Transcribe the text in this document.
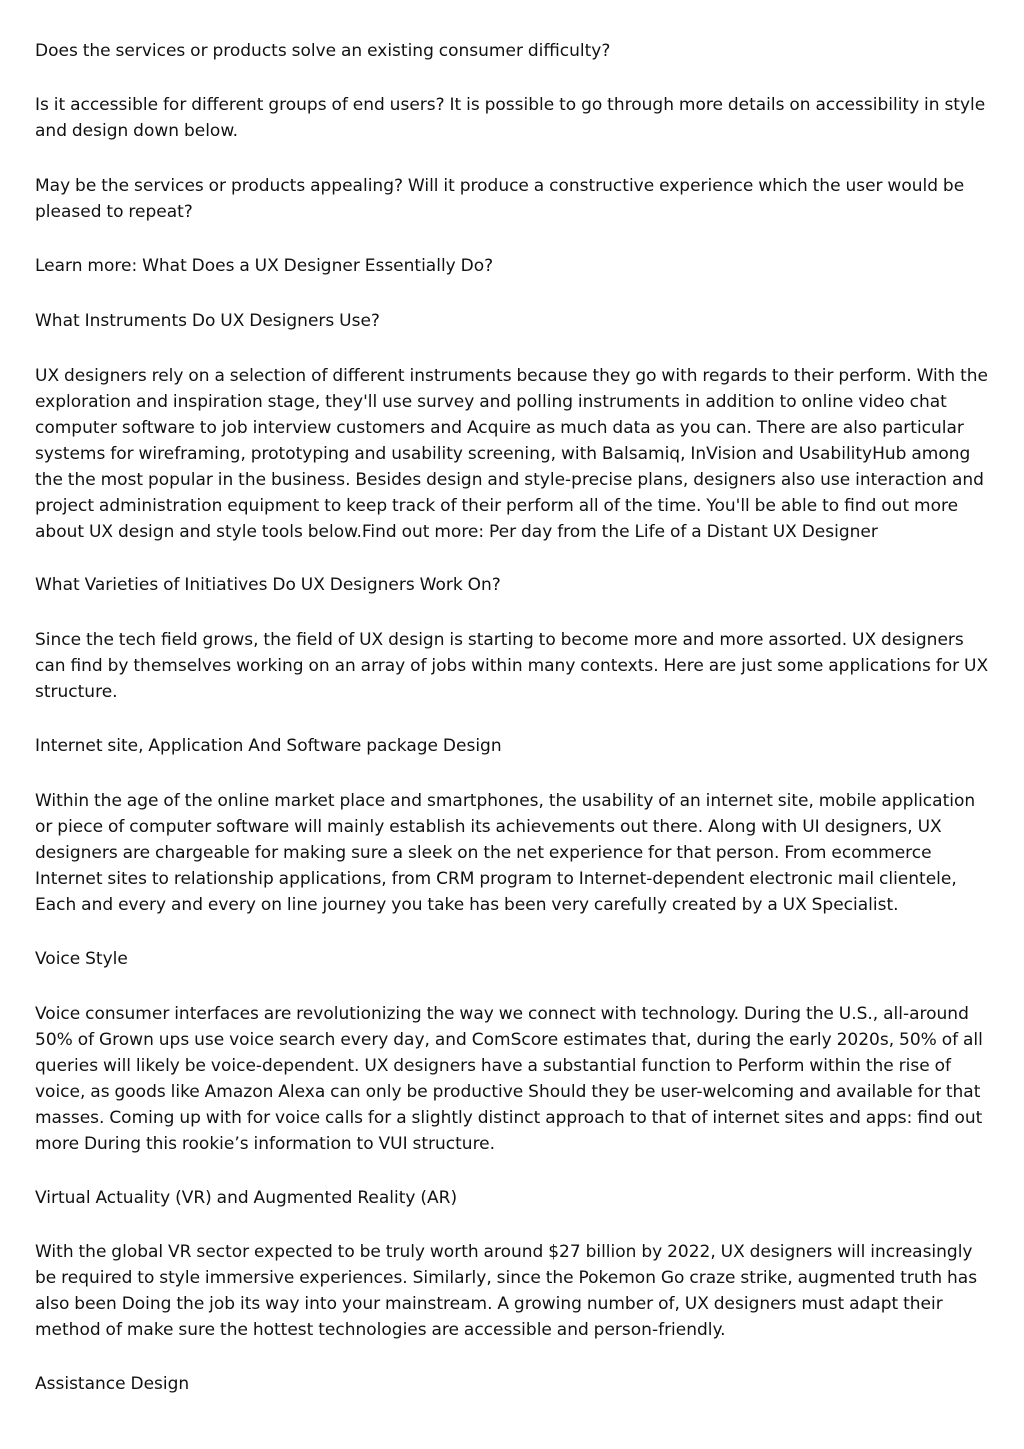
Does the services or products solve an existing consumer difficulty?

Is it accessible for different groups of end users? It is possible to go through more details on accessibility in style and design down below.

May be the services or products appealing? Will it produce a constructive experience which the user would be pleased to repeat?

Learn more: What Does a UX Designer Essentially Do?

What Instruments Do UX Designers Use?

UX designers rely on a selection of different instruments because they go with regards to their perform. With the exploration and inspiration stage, they'll use survey and polling instruments in addition to online video chat computer software to job interview customers and Acquire as much data as you can. There are also particular systems for wireframing, prototyping and usability screening, with Balsamiq, InVision and UsabilityHub among the the most popular in the business. Besides design and style-precise plans, designers also use interaction and project administration equipment to keep track of their perform all of the time. You'll be able to find out more about UX design and style tools below.Find out more: Per day from the Life of a Distant UX Designer

What Varieties of Initiatives Do UX Designers Work On?

Since the tech field grows, the field of UX design is starting to become more and more assorted. UX designers can find by themselves working on an array of jobs within many contexts. Here are just some applications for UX structure.

Internet site, Application And Software package Design

Within the age of the online market place and smartphones, the usability of an internet site, mobile application or piece of computer software will mainly establish its achievements out there. Along with UI designers, UX designers are chargeable for making sure a sleek on the net experience for that person. From ecommerce Internet sites to relationship applications, from CRM program to Internet-dependent electronic mail clientele, Each and every and every on line journey you take has been very carefully created by a UX Specialist.

Voice Style

Voice consumer interfaces are revolutionizing the way we connect with technology. During the U.S., all-around 50% of Grown ups use voice search every day, and ComScore estimates that, during the early 2020s, 50% of all queries will likely be voice-dependent. UX designers have a substantial function to Perform within the rise of voice, as goods like Amazon Alexa can only be productive Should they be user-welcoming and available for that masses. Coming up with for voice calls for a slightly distinct approach to that of internet sites and apps: find out more During this rookie’s information to VUI structure.

Virtual Actuality (VR) and Augmented Reality (AR)

With the global VR sector expected to be truly worth around $27 billion by 2022, UX designers will increasingly be required to style immersive experiences. Similarly, since the Pokemon Go craze strike, augmented truth has also been Doing the job its way into your mainstream. A growing number of, UX designers must adapt their method of make sure the hottest technologies are accessible and person-friendly.

Assistance Design
